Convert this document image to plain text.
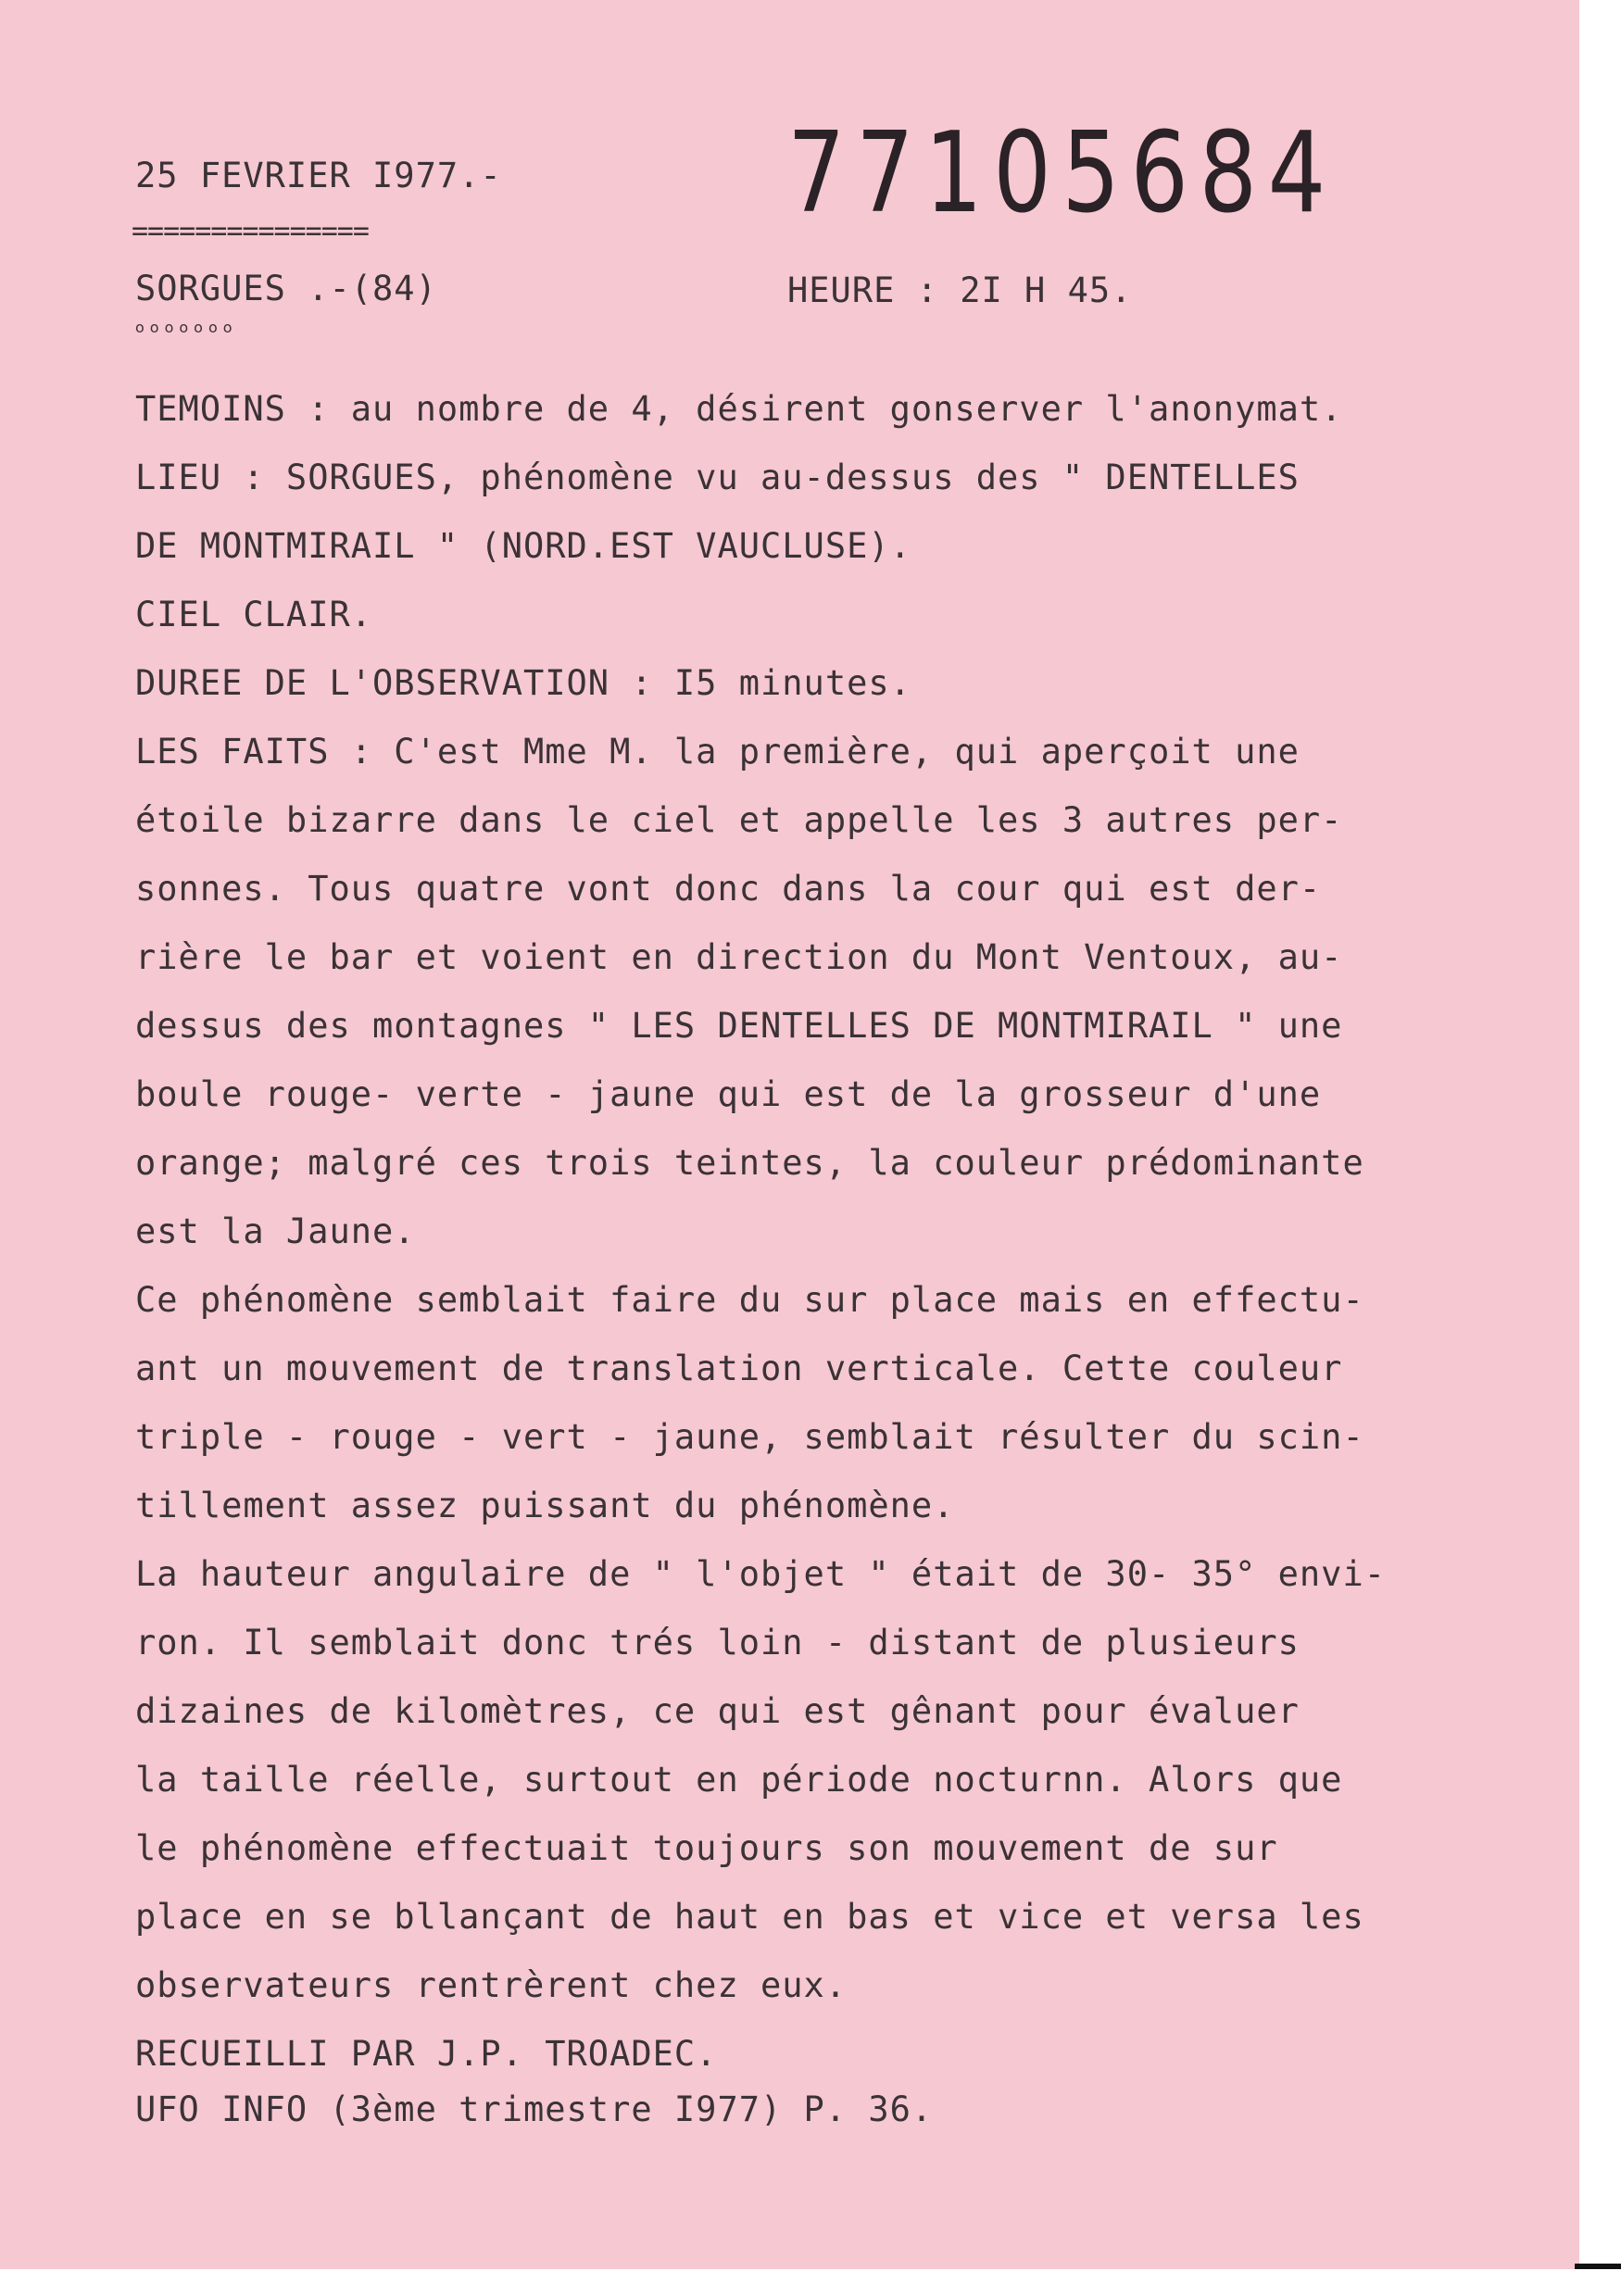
25 FEVRIER I977.-
===============	77105684
SORGUES .-(84)
ooooooo
HEURE : 2I H 45.
TEMOINS : au nombre de 4, désirent gonserver l'anonymat.
LIEU : SORGUES, phénomène vu au-dessus des " DENTELLES
DE MONTMIRAIL " (NORD.EST VAUCLUSE).
CIEL CLAIR.
DUREE DE L'OBSERVATION : I5 minutes.
LES FAITS : C'est Mme M. la première, qui aperçoit une
étoile bizarre dans le ciel et appelle les 3 autres per-
sonnes. Tous quatre vont donc dans la cour qui est der-
rière le bar et voient en direction du Mont Ventoux, au-
dessus des montagnes " LES DENTELLES DE MONTMIRAIL " une
boule rouge- verte - jaune qui est de la grosseur d'une
orange; malgré ces trois teintes, la couleur prédominante
est la Jaune.
Ce phénomène semblait faire du sur place mais en effectu-
ant un mouvement de translation verticale. Cette couleur
triple - rouge - vert - jaune, semblait résulter du scin-
tillement assez puissant du phénomène.
La hauteur angulaire de " l'objet " était de 30- 35° envi-
ron. Il semblait donc trés loin - distant de plusieurs
dizaines de kilomètres, ce qui est gênant pour évaluer
la taille réelle, surtout en période nocturnn. Alors que
le phénomène effectuait toujours son mouvement de sur
place en se bllançant de haut en bas et vice et versa les
observateurs rentrèrent chez eux.
RECUEILLI PAR J.P. TROADEC.
UFO INFO (3ème trimestre I977) P. 36.
